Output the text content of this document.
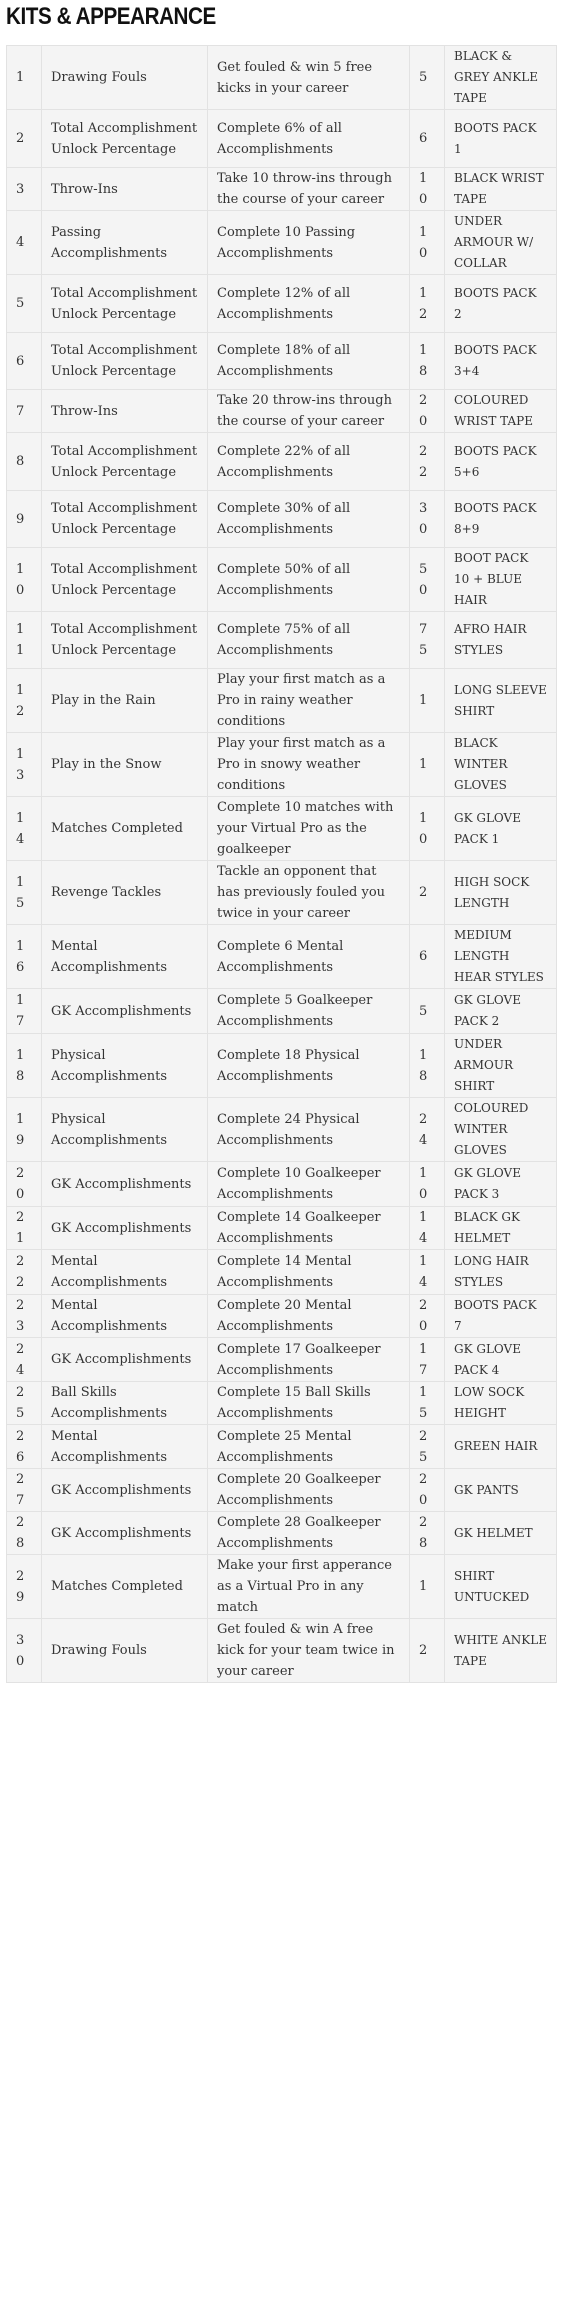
KITS & APPEARANCE
1	Drawing Fouls	Get fouled & win 5 free kicks in your career	5	BLACK & GREY ANKLE TAPE
2	Total Accomplishment Unlock Percentage	Complete 6% of all Accomplishments	6	BOOTS PACK 1
3	Throw-Ins	Take 10 throw-ins through the course of your career	10	BLACK WRIST TAPE
4	Passing Accomplishments	Complete 10 Passing Accomplishments	10	UNDER ARMOUR W/ COLLAR
5	Total Accomplishment Unlock Percentage	Complete 12% of all Accomplishments	12	BOOTS PACK 2
6	Total Accomplishment Unlock Percentage	Complete 18% of all Accomplishments	18	BOOTS PACK 3+4
7	Throw-Ins	Take 20 throw-ins through the course of your career	20	COLOURED WRIST TAPE
8	Total Accomplishment Unlock Percentage	Complete 22% of all Accomplishments	22	BOOTS PACK 5+6
9	Total Accomplishment Unlock Percentage	Complete 30% of all Accomplishments	30	BOOTS PACK 8+9
10	Total Accomplishment Unlock Percentage	Complete 50% of all Accomplishments	50	BOOT PACK 10 + BLUE HAIR
11	Total Accomplishment Unlock Percentage	Complete 75% of all Accomplishments	75	AFRO HAIR STYLES
12	Play in the Rain	Play your first match as a Pro in rainy weather conditions	1	LONG SLEEVE SHIRT
13	Play in the Snow	Play your first match as a Pro in snowy weather conditions	1	BLACK WINTER GLOVES
14	Matches Completed	Complete 10 matches with your Virtual Pro as the goalkeeper	10	GK GLOVE PACK 1
15	Revenge Tackles	Tackle an opponent that has previously fouled you twice in your career	2	HIGH SOCK LENGTH
16	Mental Accomplishments	Complete 6 Mental Accomplishments	6	MEDIUM LENGTH HEAR STYLES
17	GK Accomplishments	Complete 5 Goalkeeper Accomplishments	5	GK GLOVE PACK 2
18	Physical Accomplishments	Complete 18 Physical Accomplishments	18	UNDER ARMOUR SHIRT
19	Physical Accomplishments	Complete 24 Physical Accomplishments	24	COLOURED WINTER GLOVES
20	GK Accomplishments	Complete 10 Goalkeeper Accomplishments	10	GK GLOVE PACK 3
21	GK Accomplishments	Complete 14 Goalkeeper Accomplishments	14	BLACK GK HELMET
22	Mental Accomplishments	Complete 14 Mental Accomplishments	14	LONG HAIR STYLES
23	Mental Accomplishments	Complete 20 Mental Accomplishments	20	BOOTS PACK 7
24	GK Accomplishments	Complete 17 Goalkeeper Accomplishments	17	GK GLOVE PACK 4
25	Ball Skills Accomplishments	Complete 15 Ball Skills Accomplishments	15	LOW SOCK HEIGHT
26	Mental Accomplishments	Complete 25 Mental Accomplishments	25	GREEN HAIR
27	GK Accomplishments	Complete 20 Goalkeeper Accomplishments	20	GK PANTS
28	GK Accomplishments	Complete 28 Goalkeeper Accomplishments	28	GK HELMET
29	Matches Completed	Make your first apperance as a Virtual Pro in any match	1	SHIRT UNTUCKED
30	Drawing Fouls	Get fouled & win A free kick for your team twice in your career	2	WHITE ANKLE TAPE
